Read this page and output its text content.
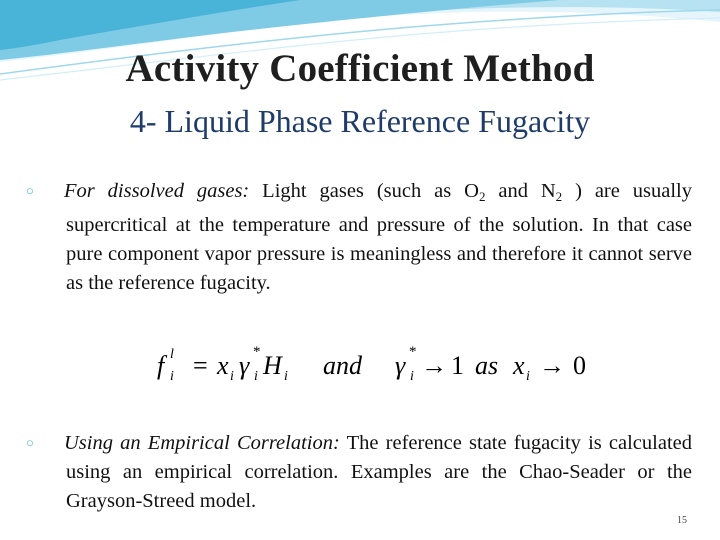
Activity Coefficient Method
4- Liquid Phase Reference Fugacity
○ For dissolved gases: Light gases (such as $O_2$ and $N_2$ ) are usually supercritical at the temperature and pressure of the solution. In that case pure component vapor pressure is meaningless and therefore it cannot serve as the reference fugacity.
f i
l = x i γ *
i H i and γ *
i → 1 as x i → 0
○ Using an Empirical Correlation: The reference state fugacity is calculated using an empirical correlation. Examples are the Chao-Seader or the Grayson-Streed model.
15
